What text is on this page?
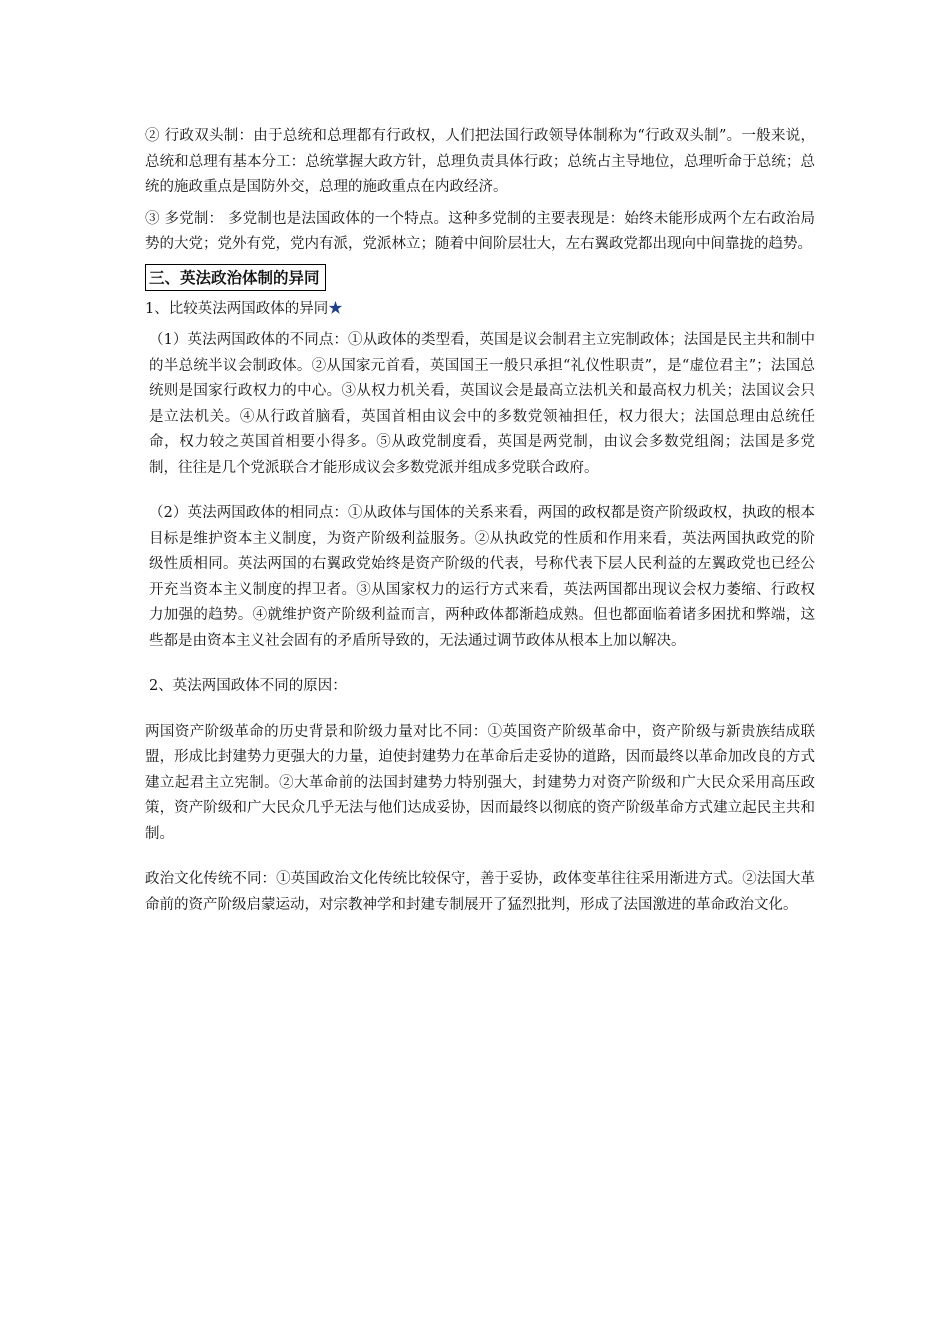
② 行政双头制：由于总统和总理都有行政权，人们把法国行政领导体制称为“行政双头制”。一般来说，总统和总理有基本分工：总统掌握大政方针，总理负责具体行政；总统占主导地位，总理听命于总统；总统的施政重点是国防外交，总理的施政重点在内政经济。

③ 多党制： 多党制也是法国政体的一个特点。这种多党制的主要表现是：始终未能形成两个左右政治局势的大党；党外有党，党内有派，党派林立；随着中间阶层壮大，左右翼政党都出现向中间靠拢的趋势。

三、英法政治体制的异同

1、比较英法两国政体的异同★

（1）英法两国政体的不同点：①从政体的类型看，英国是议会制君主立宪制政体；法国是民主共和制中的半总统半议会制政体。②从国家元首看，英国国王一般只承担“礼仪性职责”，是“虚位君主”；法国总统则是国家行政权力的中心。③从权力机关看，英国议会是最高立法机关和最高权力机关；法国议会只是立法机关。④从行政首脑看，英国首相由议会中的多数党领袖担任，权力很大；法国总理由总统任命，权力较之英国首相要小得多。⑤从政党制度看，英国是两党制，由议会多数党组阁；法国是多党制，往往是几个党派联合才能形成议会多数党派并组成多党联合政府。

（2）英法两国政体的相同点：①从政体与国体的关系来看，两国的政权都是资产阶级政权，执政的根本目标是维护资本主义制度，为资产阶级利益服务。②从执政党的性质和作用来看，英法两国执政党的阶级性质相同。英法两国的右翼政党始终是资产阶级的代表，号称代表下层人民利益的左翼政党也已经公开充当资本主义制度的捍卫者。③从国家权力的运行方式来看，英法两国都出现议会权力萎缩、行政权力加强的趋势。④就维护资产阶级利益而言，两种政体都渐趋成熟。但也都面临着诸多困扰和弊端，这些都是由资本主义社会固有的矛盾所导致的，无法通过调节政体从根本上加以解决。

2、英法两国政体不同的原因：

两国资产阶级革命的历史背景和阶级力量对比不同：①英国资产阶级革命中，资产阶级与新贵族结成联盟，形成比封建势力更强大的力量，迫使封建势力在革命后走妥协的道路，因而最终以革命加改良的方式建立起君主立宪制。②大革命前的法国封建势力特别强大，封建势力对资产阶级和广大民众采用高压政策，资产阶级和广大民众几乎无法与他们达成妥协，因而最终以彻底的资产阶级革命方式建立起民主共和制。

政治文化传统不同：①英国政治文化传统比较保守，善于妥协，政体变革往往采用渐进方式。②法国大革命前的资产阶级启蒙运动，对宗教神学和封建专制展开了猛烈批判，形成了法国激进的革命政治文化。
